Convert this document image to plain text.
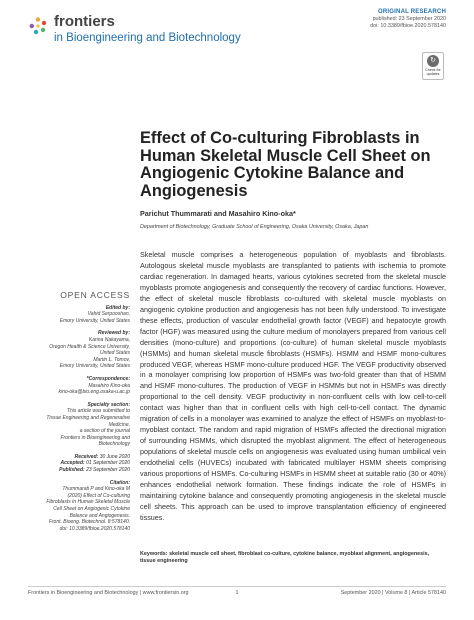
frontiers
in Bioengineering and Biotechnology
ORIGINAL RESEARCH
published: 23 September 2020
doi: 10.3389/fbioe.2020.578140
↻
Check for
updates
Effect of Co-culturing Fibroblasts in Human Skeletal Muscle Cell Sheet on Angiogenic Cytokine Balance and Angiogenesis
Parichut Thummarati and Masahiro Kino-oka*
Department of Biotechnology, Graduate School of Engineering, Osaka University, Osaka, Japan

Skeletal muscle comprises a heterogeneous population of myoblasts and fibroblasts. Autologous skeletal muscle myoblasts are transplanted to patients with ischemia to promote cardiac regeneration. In damaged hearts, various cytokines secreted from the skeletal muscle myoblasts promote angiogenesis and consequently the recovery of cardiac functions. However, the effect of skeletal muscle fibroblasts co-cultured with skeletal muscle myoblasts on angiogenic cytokine production and angiogenesis has not been fully understood. To investigate these effects, production of vascular endothelial growth factor (VEGF) and hepatocyte growth factor (HGF) was measured using the culture medium of monolayers prepared from various cell densities (mono-culture) and proportions (co-culture) of human skeletal muscle myoblasts (HSMMs) and human skeletal muscle fibroblasts (HSMFs). HSMM and HSMF mono-cultures produced VEGF, whereas HSMF mono-culture produced HGF. The VEGF productivity observed in a monolayer comprising low proportion of HSMFs was two-fold greater than that of HSMM and HSMF mono-cultures. The production of VEGF in HSMMs but not in HSMFs was directly proportional to the cell density. VEGF productivity in non-confluent cells with low cell-to-cell contact was higher than that in confluent cells with high cell-to-cell contact. The dynamic migration of cells in a monolayer was examined to analyze the effect of HSMFs on myoblast-to-myoblast contact. The random and rapid migration of HSMFs affected the directional migration of surrounding HSMMs, which disrupted the myoblast alignment. The effect of heterogeneous populations of skeletal muscle cells on angiogenesis was evaluated using human umbilical vein endothelial cells (HUVECs) incubated with fabricated multilayer HSMM sheets comprising various proportions of HSMFs. Co-culturing HSMFs in HSMM sheet at suitable ratio (30 or 40%) enhances endothelial network formation. These findings indicate the role of HSMFs in maintaining cytokine balance and consequently promoting angiogenesis in the skeletal muscle cell sheets. This approach can be used to improve transplantation efficiency of engineered tissues.

Keywords: skeletal muscle cell sheet, fibroblast co-culture, cytokine balance, myoblast alignment, angiogenesis, tissue engineering
OPEN ACCESS
Edited by:
Vahid Serpooshan,
Emory University, United States
Reviewed by:
Karina Nakayama,
Oregon Health & Science University,
United States
Martin L. Tomov,
Emory University, United States
*Correspondence:
Masahiro Kino-oka
kino-oka@bio.eng.osaka-u.ac.jp
Specialty section:
This article was submitted to
Tissue Engineering and Regenerative
Medicine,
a section of the journal
Frontiers in Bioengineering and
Biotechnology
Received: 30 June 2020
Accepted: 01 September 2020
Published: 23 September 2020
Citation:
Thummarati P and Kino-oka M
(2020) Effect of Co-culturing
Fibroblasts in Human Skeletal Muscle
Cell Sheet on Angiogenic Cytokine
Balance and Angiogenesis.
Front. Bioeng. Biotechnol. 8:578140.
doi: 10.3389/fbioe.2020.578140
Frontiers in Bioengineering and Biotechnology | www.frontiersin.org	1	September 2020 | Volume 8 | Article 578140
